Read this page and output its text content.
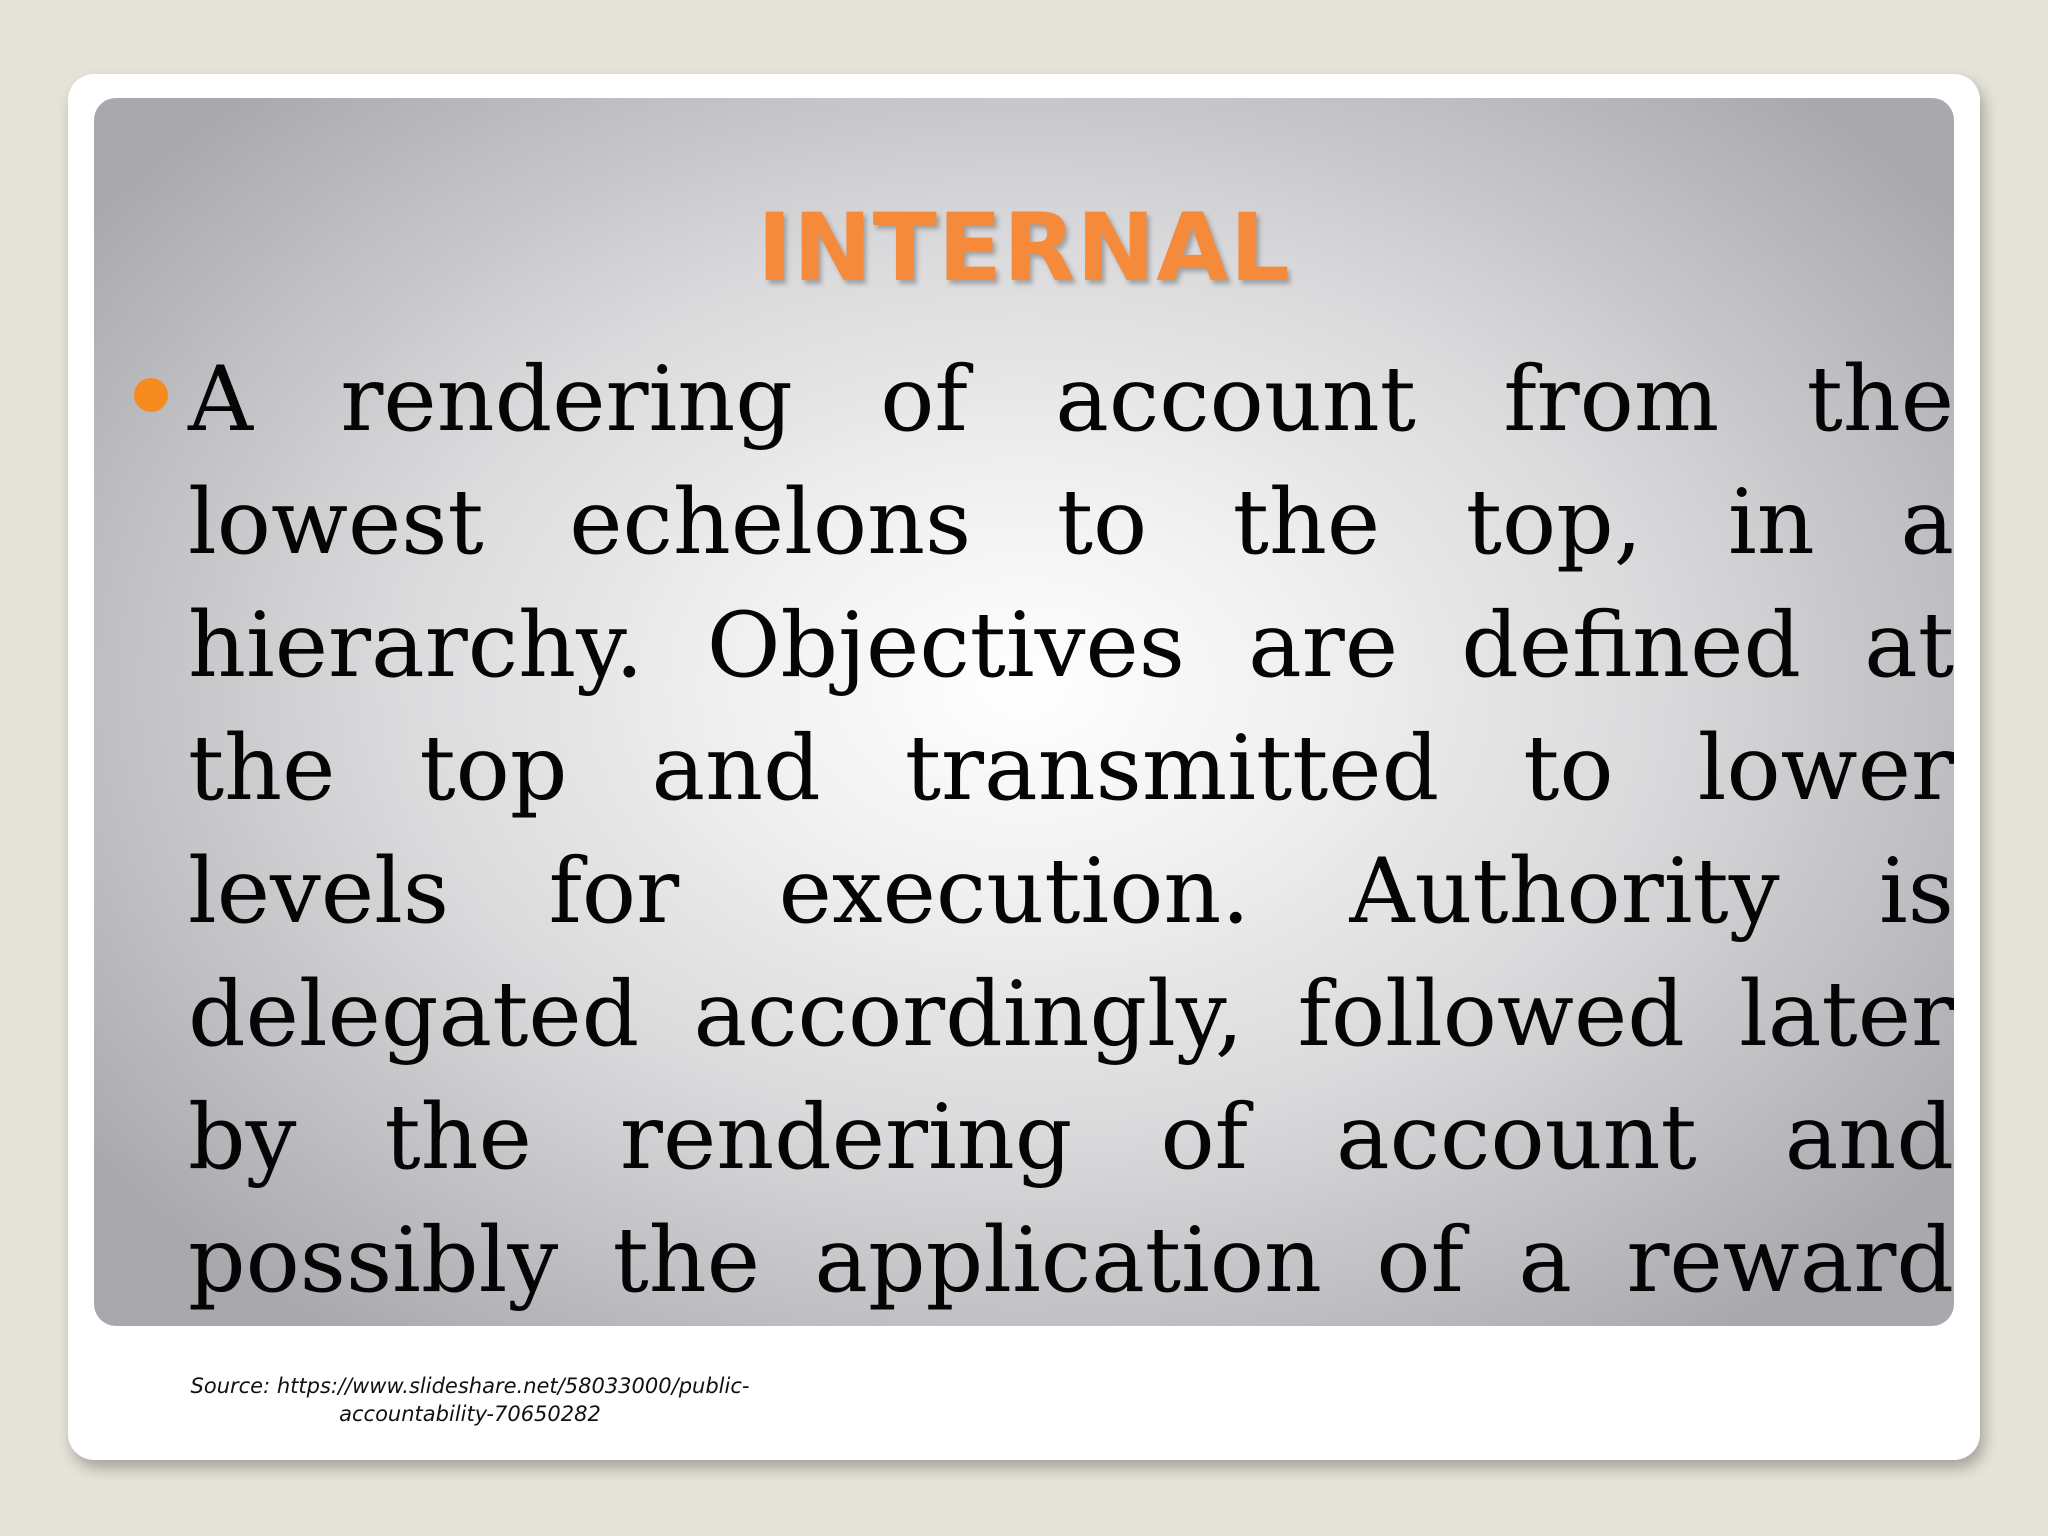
INTERNAL

A rendering of account from the lowest echelons to the top, in a hierarchy. Objectives are defined at the top and transmitted to lower levels for execution. Authority is delegated accordingly, followed later by the rendering of account and possibly the application of a reward

Source: https://www.slideshare.net/58033000/public-
accountability-70650282
